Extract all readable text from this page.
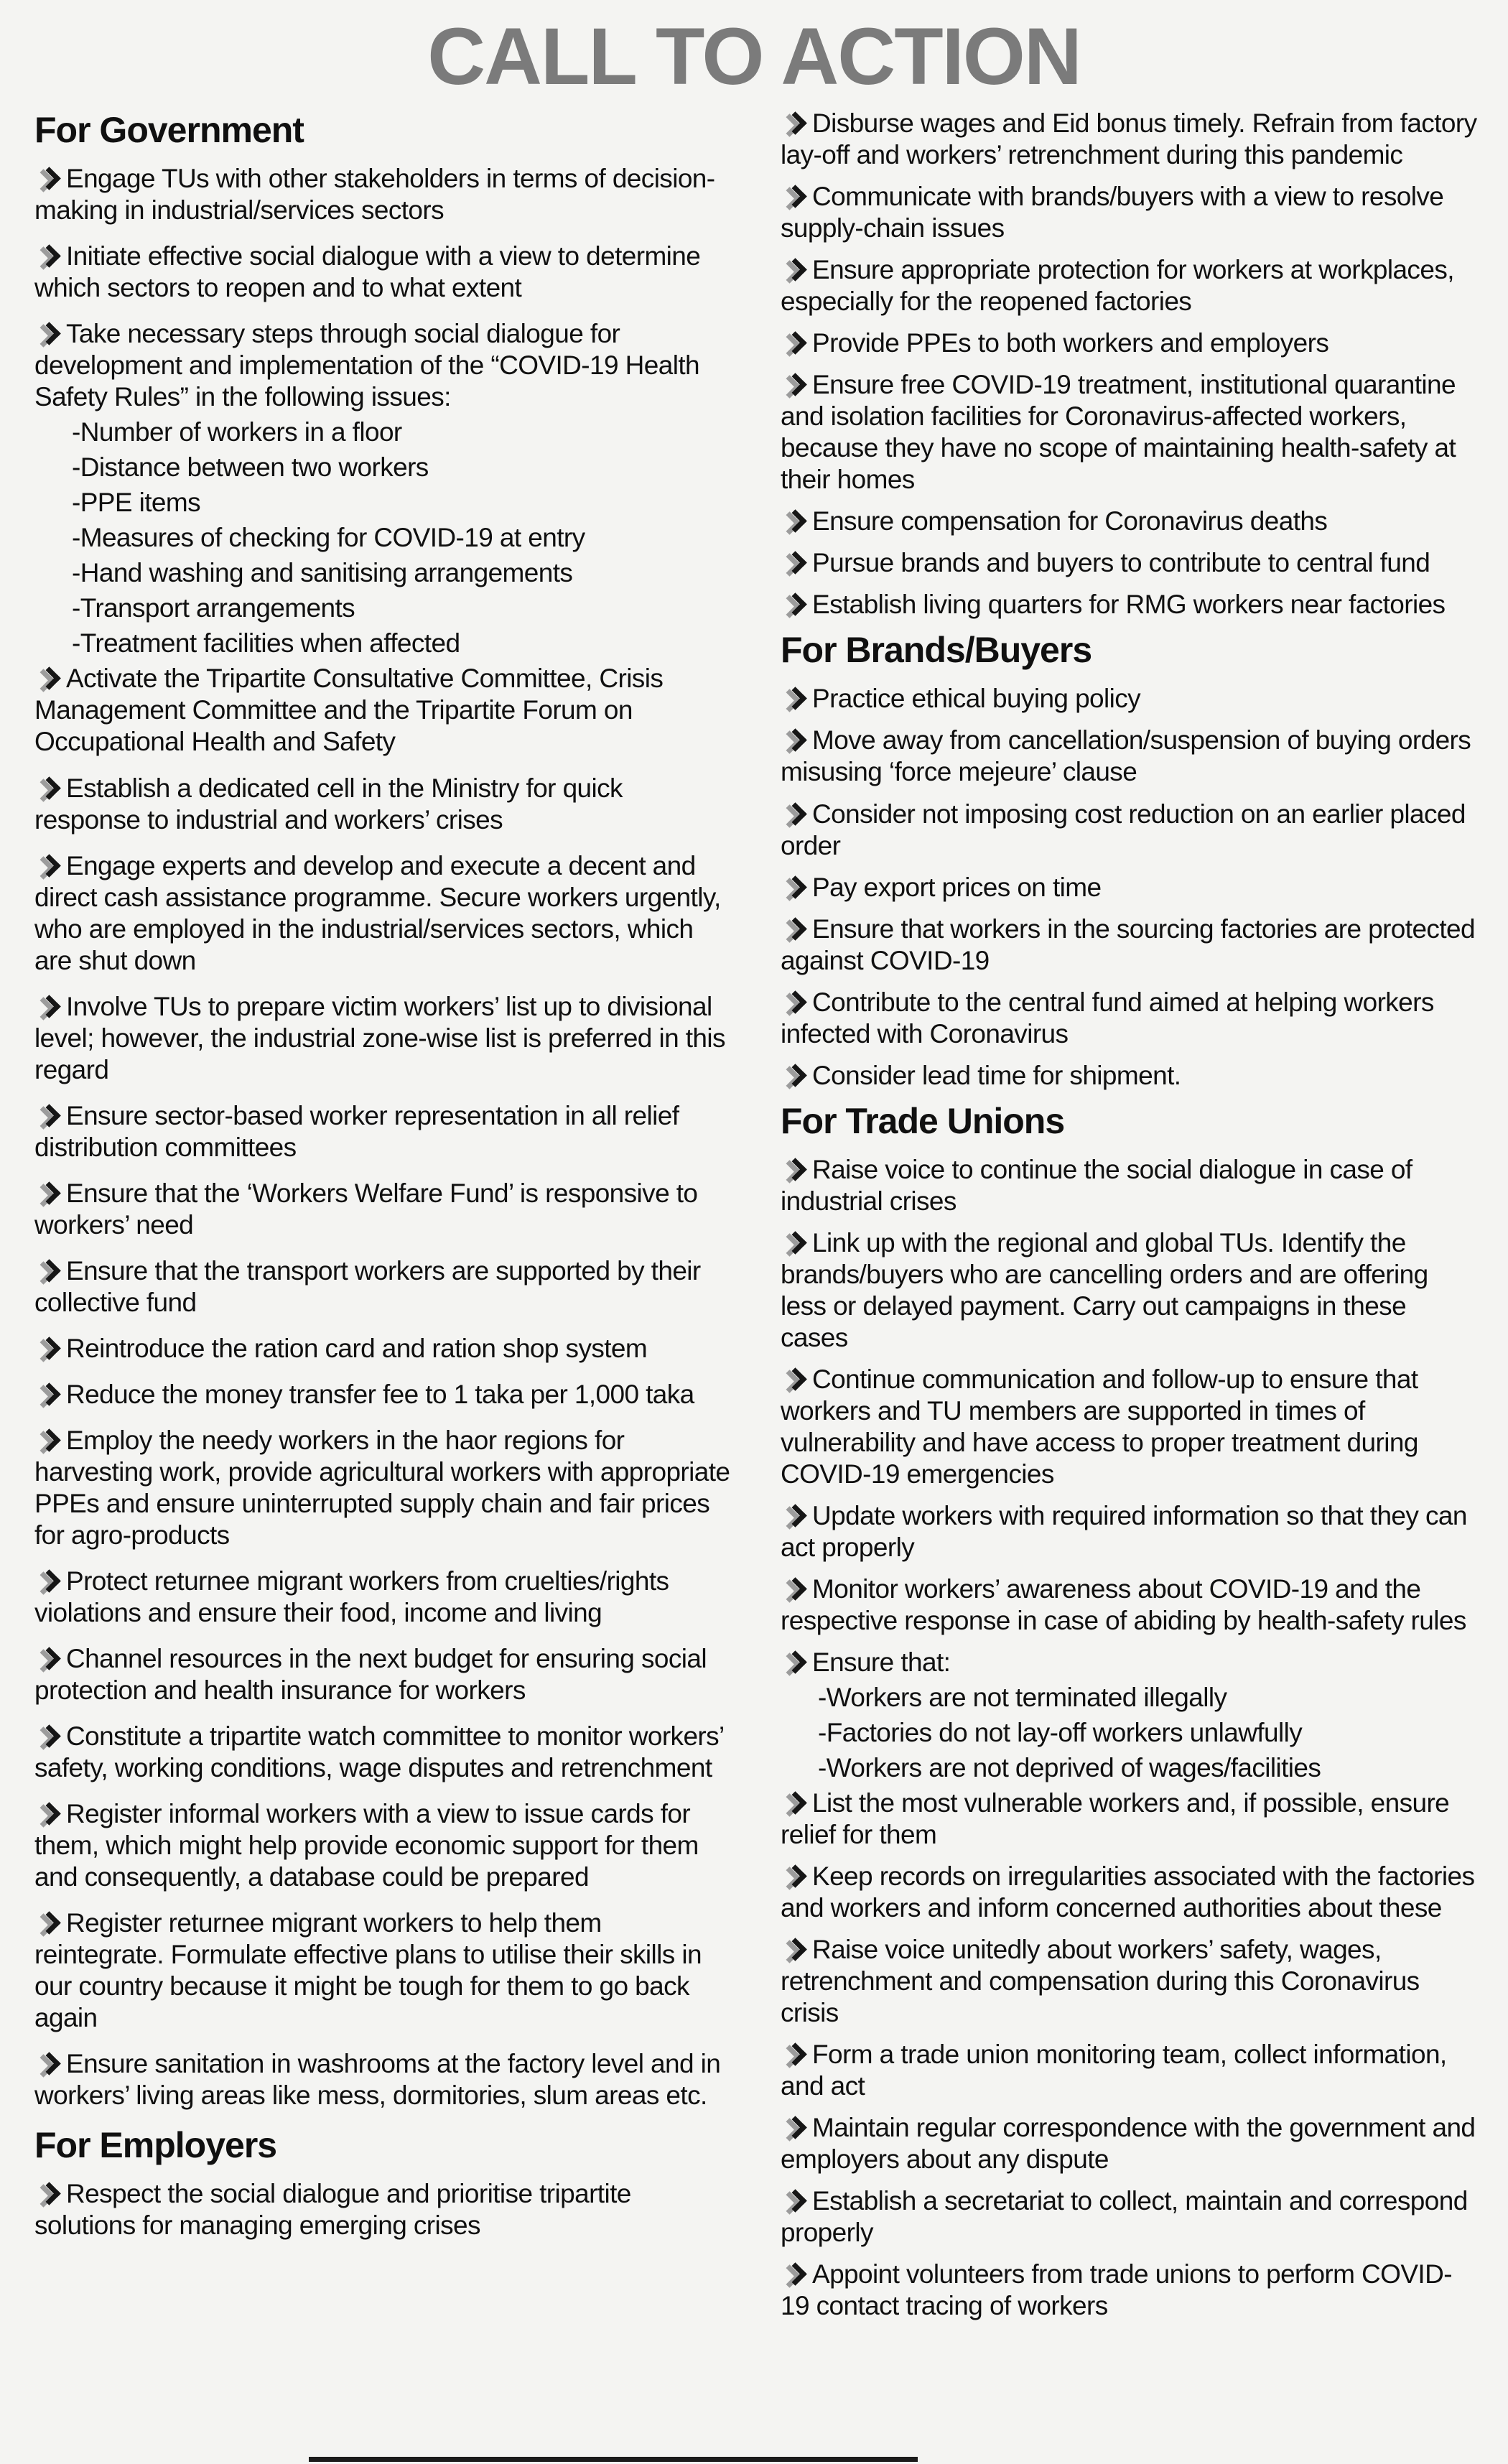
CALL TO ACTION
For Government
Engage TUs with other stakeholders in terms of decision-making in industrial/services sectors
Initiate effective social dialogue with a view to determine which sectors to reopen and to what extent
Take necessary steps through social dialogue for development and implementation of the “COVID-19 Health Safety Rules” in the following issues:
-Number of workers in a floor
-Distance between two workers
-PPE items
-Measures of checking for COVID-19 at entry
-Hand washing and sanitising arrangements
-Transport arrangements
-Treatment facilities when affected
Activate the Tripartite Consultative Committee, Crisis Management Committee and the Tripartite Forum on Occupational Health and Safety
Establish a dedicated cell in the Ministry for quick response to industrial and workers’ crises
Engage experts and develop and execute a decent and direct cash assistance programme. Secure workers urgently, who are employed in the industrial/services sectors, which are shut down
Involve TUs to prepare victim workers’ list up to divisional level; however, the industrial zone-wise list is preferred in this regard
Ensure sector-based worker representation in all relief distribution committees
Ensure that the ‘Workers Welfare Fund’ is responsive to workers’ need
Ensure that the transport workers are supported by their collective fund
Reintroduce the ration card and ration shop system
Reduce the money transfer fee to 1 taka per 1,000 taka
Employ the needy workers in the haor regions for harvesting work, provide agricultural workers with appropriate PPEs and ensure uninterrupted supply chain and fair prices for agro-products
Protect returnee migrant workers from cruelties/rights violations and ensure their food, income and living
Channel resources in the next budget for ensuring social protection and health insurance for workers
Constitute a tripartite watch committee to monitor workers’ safety, working conditions, wage disputes and retrenchment
Register informal workers with a view to issue cards for them, which might help provide economic support for them and consequently, a database could be prepared
Register returnee migrant workers to help them reintegrate. Formulate effective plans to utilise their skills in our country because it might be tough for them to go back again
Ensure sanitation in washrooms at the factory level and in workers’ living areas like mess, dormitories, slum areas etc.
For Employers
Respect the social dialogue and prioritise tripartite solutions for managing emerging crises
Disburse wages and Eid bonus timely. Refrain from factory lay-off and workers’ retrenchment during this pandemic
Communicate with brands/buyers with a view to resolve supply-chain issues
Ensure appropriate protection for workers at workplaces, especially for the reopened factories
Provide PPEs to both workers and employers
Ensure free COVID-19 treatment, institutional quarantine and isolation facilities for Coronavirus-affected workers, because they have no scope of maintaining health-safety at their homes
Ensure compensation for Coronavirus deaths
Pursue brands and buyers to contribute to central fund
Establish living quarters for RMG workers near factories
For Brands/Buyers
Practice ethical buying policy
Move away from cancellation/suspension of buying orders misusing ‘force mejeure’ clause
Consider not imposing cost reduction on an earlier placed order
Pay export prices on time
Ensure that workers in the sourcing factories are protected against COVID-19
Contribute to the central fund aimed at helping workers infected with Coronavirus
Consider lead time for shipment.
For Trade Unions
Raise voice to continue the social dialogue in case of industrial crises
Link up with the regional and global TUs. Identify the brands/buyers who are cancelling orders and are offering less or delayed payment. Carry out campaigns in these cases
Continue communication and follow-up to ensure that workers and TU members are supported in times of vulnerability and have access to proper treatment during COVID-19 emergencies
Update workers with required information so that they can act properly
Monitor workers’ awareness about COVID-19 and the respective response in case of abiding by health-safety rules
Ensure that:
-Workers are not terminated illegally
-Factories do not lay-off workers unlawfully
-Workers are not deprived of wages/facilities
List the most vulnerable workers and, if possible, ensure relief for them
Keep records on irregularities associated with the factories and workers and inform concerned authorities about these
Raise voice unitedly about workers’ safety, wages, retrenchment and compensation during this Coronavirus crisis
Form a trade union monitoring team, collect information, and act
Maintain regular correspondence with the government and employers about any dispute
Establish a secretariat to collect, maintain and correspond properly
Appoint volunteers from trade unions to perform COVID-19 contact tracing of workers
